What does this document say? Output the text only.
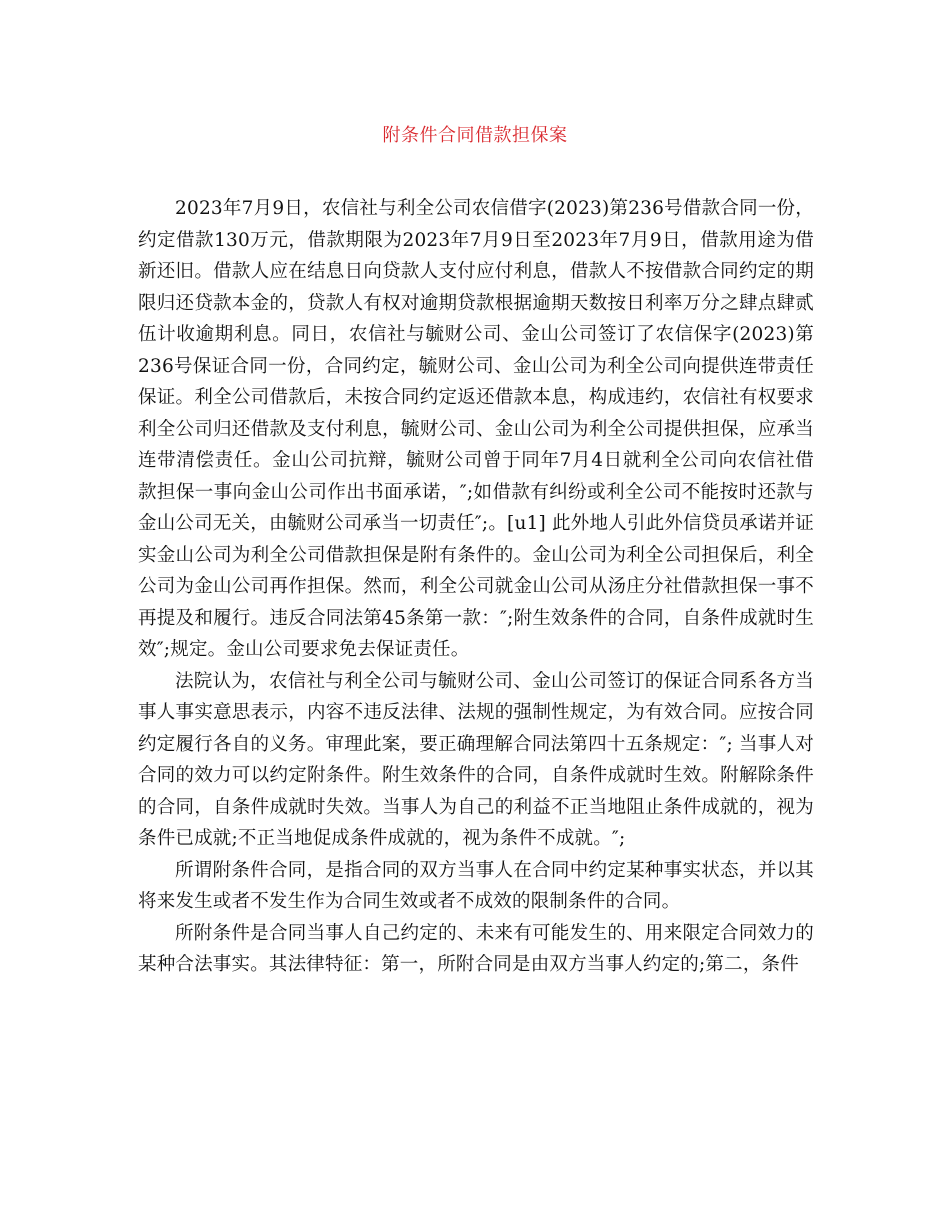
附条件合同借款担保案

2023年7月9日，农信社与利全公司农信借字(2023)第236号借款合同一份，约定借款130万元，借款期限为2023年7月9日至2023年7月9日，借款用途为借新还旧。借款人应在结息日向贷款人支付应付利息，借款人不按借款合同约定的期限归还贷款本金的，贷款人有权对逾期贷款根据逾期天数按日利率万分之肆点肆贰伍计收逾期利息。同日，农信社与毓财公司、金山公司签订了农信保字(2023)第236号保证合同一份，合同约定，毓财公司、金山公司为利全公司向提供连带责任保证。利全公司借款后，未按合同约定返还借款本息，构成违约，农信社有权要求利全公司归还借款及支付利息，毓财公司、金山公司为利全公司提供担保，应承当连带清偿责任。金山公司抗辩，毓财公司曾于同年7月4日就利全公司向农信社借款担保一事向金山公司作出书面承诺，″;如借款有纠纷或利全公司不能按时还款与金山公司无关，由毓财公司承当一切责任″;。[u1] 此外地人引此外信贷员承诺并证实金山公司为利全公司借款担保是附有条件的。金山公司为利全公司担保后，利全公司为金山公司再作担保。然而，利全公司就金山公司从汤庄分社借款担保一事不再提及和履行。违反合同法第45条第一款：″;附生效条件的合同，自条件成就时生效″;规定。金山公司要求免去保证责任。

法院认为，农信社与利全公司与毓财公司、金山公司签订的保证合同系各方当事人事实意思表示，内容不违反法律、法规的强制性规定，为有效合同。应按合同约定履行各自的义务。审理此案，要正确理解合同法第四十五条规定：″; 当事人对合同的效力可以约定附条件。附生效条件的合同，自条件成就时生效。附解除条件的合同，自条件成就时失效。当事人为自己的利益不正当地阻止条件成就的，视为条件已成就;不正当地促成条件成就的，视为条件不成就。″;

所谓附条件合同，是指合同的双方当事人在合同中约定某种事实状态，并以其将来发生或者不发生作为合同生效或者不成效的限制条件的合同。

所附条件是合同当事人自己约定的、未来有可能发生的、用来限定合同效力的某种合法事实。其法律特征：第一，所附合同是由双方当事人约定的;第二，条件
